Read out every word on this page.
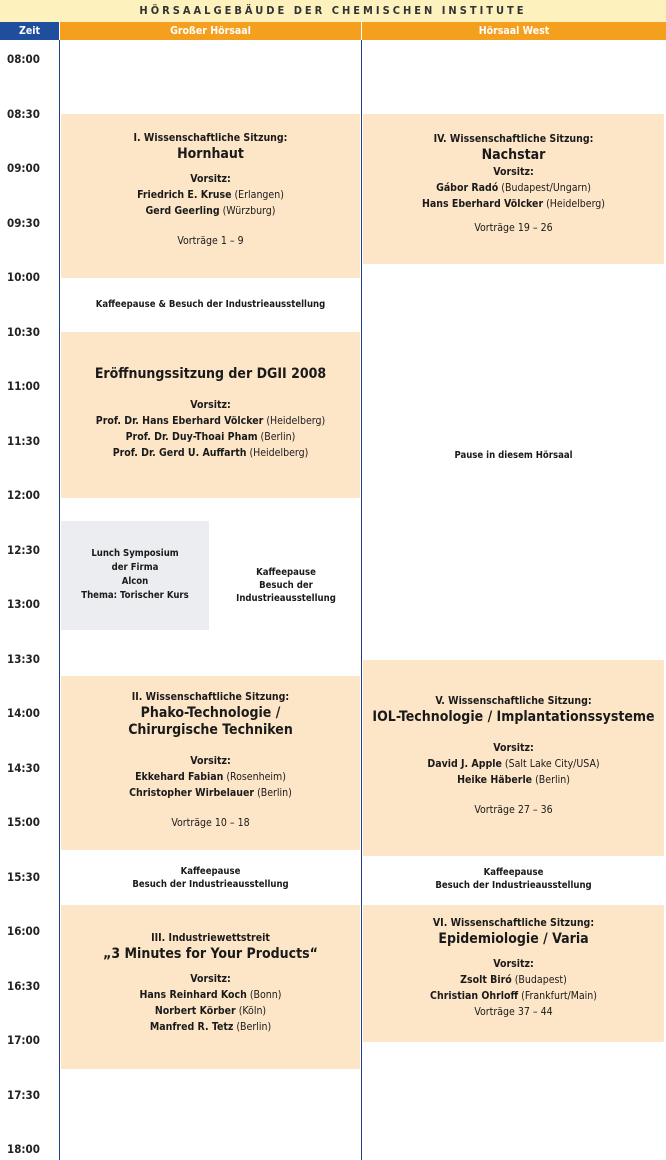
HÖRSAALGEBÄUDE DER CHEMISCHEN INSTITUTE
Zeit	Großer Hörsaal	Hörsaal West
08:00
08:30
09:00
09:30
10:00
10:30
11:00
11:30
12:00
12:30
13:00
13:30
14:00
14:30
15:00
15:30
16:00
16:30
17:00
17:30
18:00
I. Wissenschaftliche Sitzung:
Hornhaut
Vorsitz:
Friedrich E. Kruse (Erlangen)
Gerd Geerling (Würzburg)
Vorträge 1 – 9
Kaffeepause & Besuch der Industrieausstellung
Eröffnungssitzung der DGII 2008
Vorsitz:
Prof. Dr. Hans Eberhard Völcker (Heidelberg)
Prof. Dr. Duy-Thoai Pham (Berlin)
Prof. Dr. Gerd U. Auffarth (Heidelberg)
Lunch Symposium
der Firma
Alcon
Thema: Torischer Kurs
Kaffeepause
Besuch der Industrieausstellung
II. Wissenschaftliche Sitzung:
Phako-Technologie /
Chirurgische Techniken
Vorsitz:
Ekkehard Fabian (Rosenheim)
Christopher Wirbelauer (Berlin)
Vorträge 10 – 18
Kaffeepause
Besuch der Industrieausstellung
III. Industriewettstreit
„3 Minutes for Your Products“
Vorsitz:
Hans Reinhard Koch (Bonn)
Norbert Körber (Köln)
Manfred R. Tetz (Berlin)
IV. Wissenschaftliche Sitzung:
Nachstar
Vorsitz:
Gábor Radó (Budapest/Ungarn)
Hans Eberhard Völcker (Heidelberg)
Vorträge 19 – 26
Pause in diesem Hörsaal
V. Wissenschaftliche Sitzung:
IOL-Technologie / Implantationssysteme
Vorsitz:
David J. Apple (Salt Lake City/USA)
Heike Häberle (Berlin)
Vorträge 27 – 36
Kaffeepause
Besuch der Industrieausstellung
VI. Wissenschaftliche Sitzung:
Epidemiologie / Varia
Vorsitz:
Zsolt Biró (Budapest)
Christian Ohrloff (Frankfurt/Main)
Vorträge 37 – 44
